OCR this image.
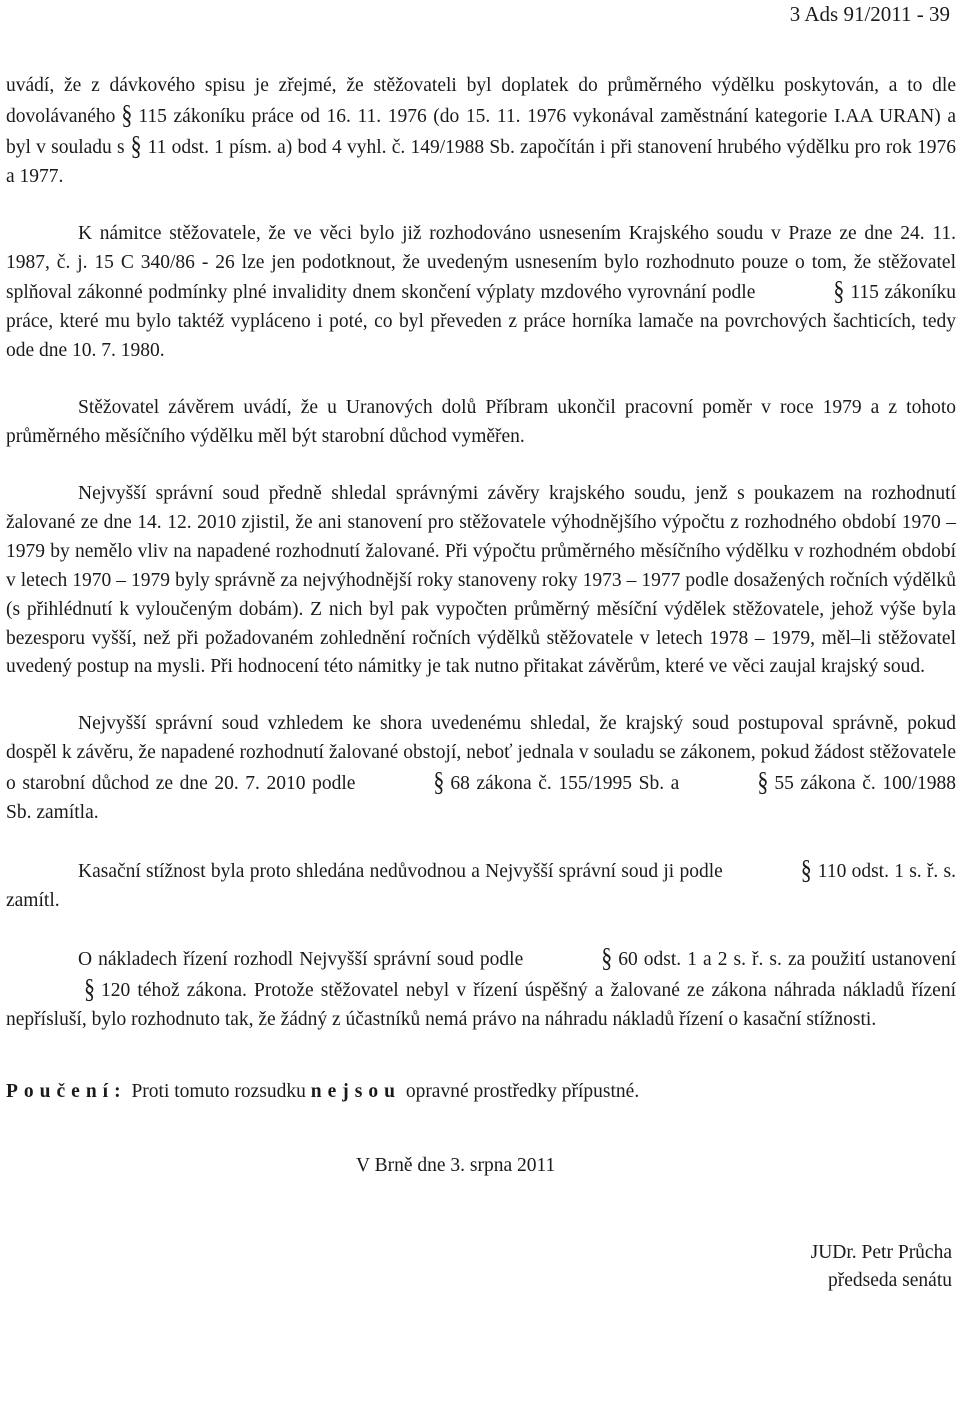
3 Ads 91/2011 - 39

uvádí, že z dávkového spisu je zřejmé, že stěžovateli byl doplatek do průměrného výdělku poskytován, a to dle dovolávaného § 115 zákoníku práce od 16. 11. 1976 (do 15. 11. 1976 vykonával zaměstnání kategorie I.AA URAN) a byl v souladu s § 11 odst. 1 písm. a) bod 4 vyhl. č. 149/1988 Sb. započítán i při stanovení hrubého výdělku pro rok 1976 a 1977.

K námitce stěžovatele, že ve věci bylo již rozhodováno usnesením Krajského soudu v Praze ze dne 24. 11. 1987, č. j. 15 C 340/86 - 26 lze jen podotknout, že uvedeným usnesením bylo rozhodnuto pouze o tom, že stěžovatel splňoval zákonné podmínky plné invalidity dnem skončení výplaty mzdového vyrovnání podle	§ 115 zákoníku práce, které mu bylo taktéž vypláceno i poté, co byl převeden z práce horníka lamače na povrchových šachticích, tedy ode dne 10. 7. 1980.

Stěžovatel závěrem uvádí, že u Uranových dolů Příbram ukončil pracovní poměr v roce 1979 a z tohoto průměrného měsíčního výdělku měl být starobní důchod vyměřen.

Nejvyšší správní soud předně shledal správnými závěry krajského soudu, jenž s poukazem na rozhodnutí žalované ze dne 14. 12. 2010 zjistil, že ani stanovení pro stěžovatele výhodnějšího výpočtu z rozhodného období 1970 – 1979 by nemělo vliv na napadené rozhodnutí žalované. Při výpočtu průměrného měsíčního výdělku v rozhodném období v letech 1970 – 1979 byly správně za nejvýhodnější roky stanoveny roky 1973 – 1977 podle dosažených ročních výdělků (s přihlédnutí k vyloučeným dobám). Z nich byl pak vypočten průměrný měsíční výdělek stěžovatele, jehož výše byla bezesporu vyšší, než při požadovaném zohlednění ročních výdělků stěžovatele v letech 1978 – 1979, měl–li stěžovatel uvedený postup na mysli. Při hodnocení této námitky je tak nutno přitakat závěrům, které ve věci zaujal krajský soud.

Nejvyšší správní soud vzhledem ke shora uvedenému shledal, že krajský soud postupoval správně, pokud dospěl k závěru, že napadené rozhodnutí žalované obstojí, neboť jednala v souladu se zákonem, pokud žádost stěžovatele o starobní důchod ze dne 20. 7. 2010 podle	§ 68 zákona č. 155/1995 Sb. a	§ 55 zákona č. 100/1988 Sb. zamítla.

Kasační stížnost byla proto shledána nedůvodnou a Nejvyšší správní soud ji podle	§ 110 odst. 1 s. ř. s. zamítl.

O nákladech řízení rozhodl Nejvyšší správní soud podle	§ 60 odst. 1 a 2 s. ř. s. za použití ustanovení§ 120 téhož zákona. Protože stěžovatel nebyl v řízení úspěšný a žalované ze zákona náhrada nákladů řízení nepřísluší, bylo rozhodnuto tak, že žádný z účastníků nemá právo na náhradu nákladů řízení o kasační stížnosti.

Poučení: Proti tomuto rozsudku nejsou opravné prostředky přípustné.

V Brně dne 3. srpna 2011

JUDr. Petr Průcha
předseda senátu
